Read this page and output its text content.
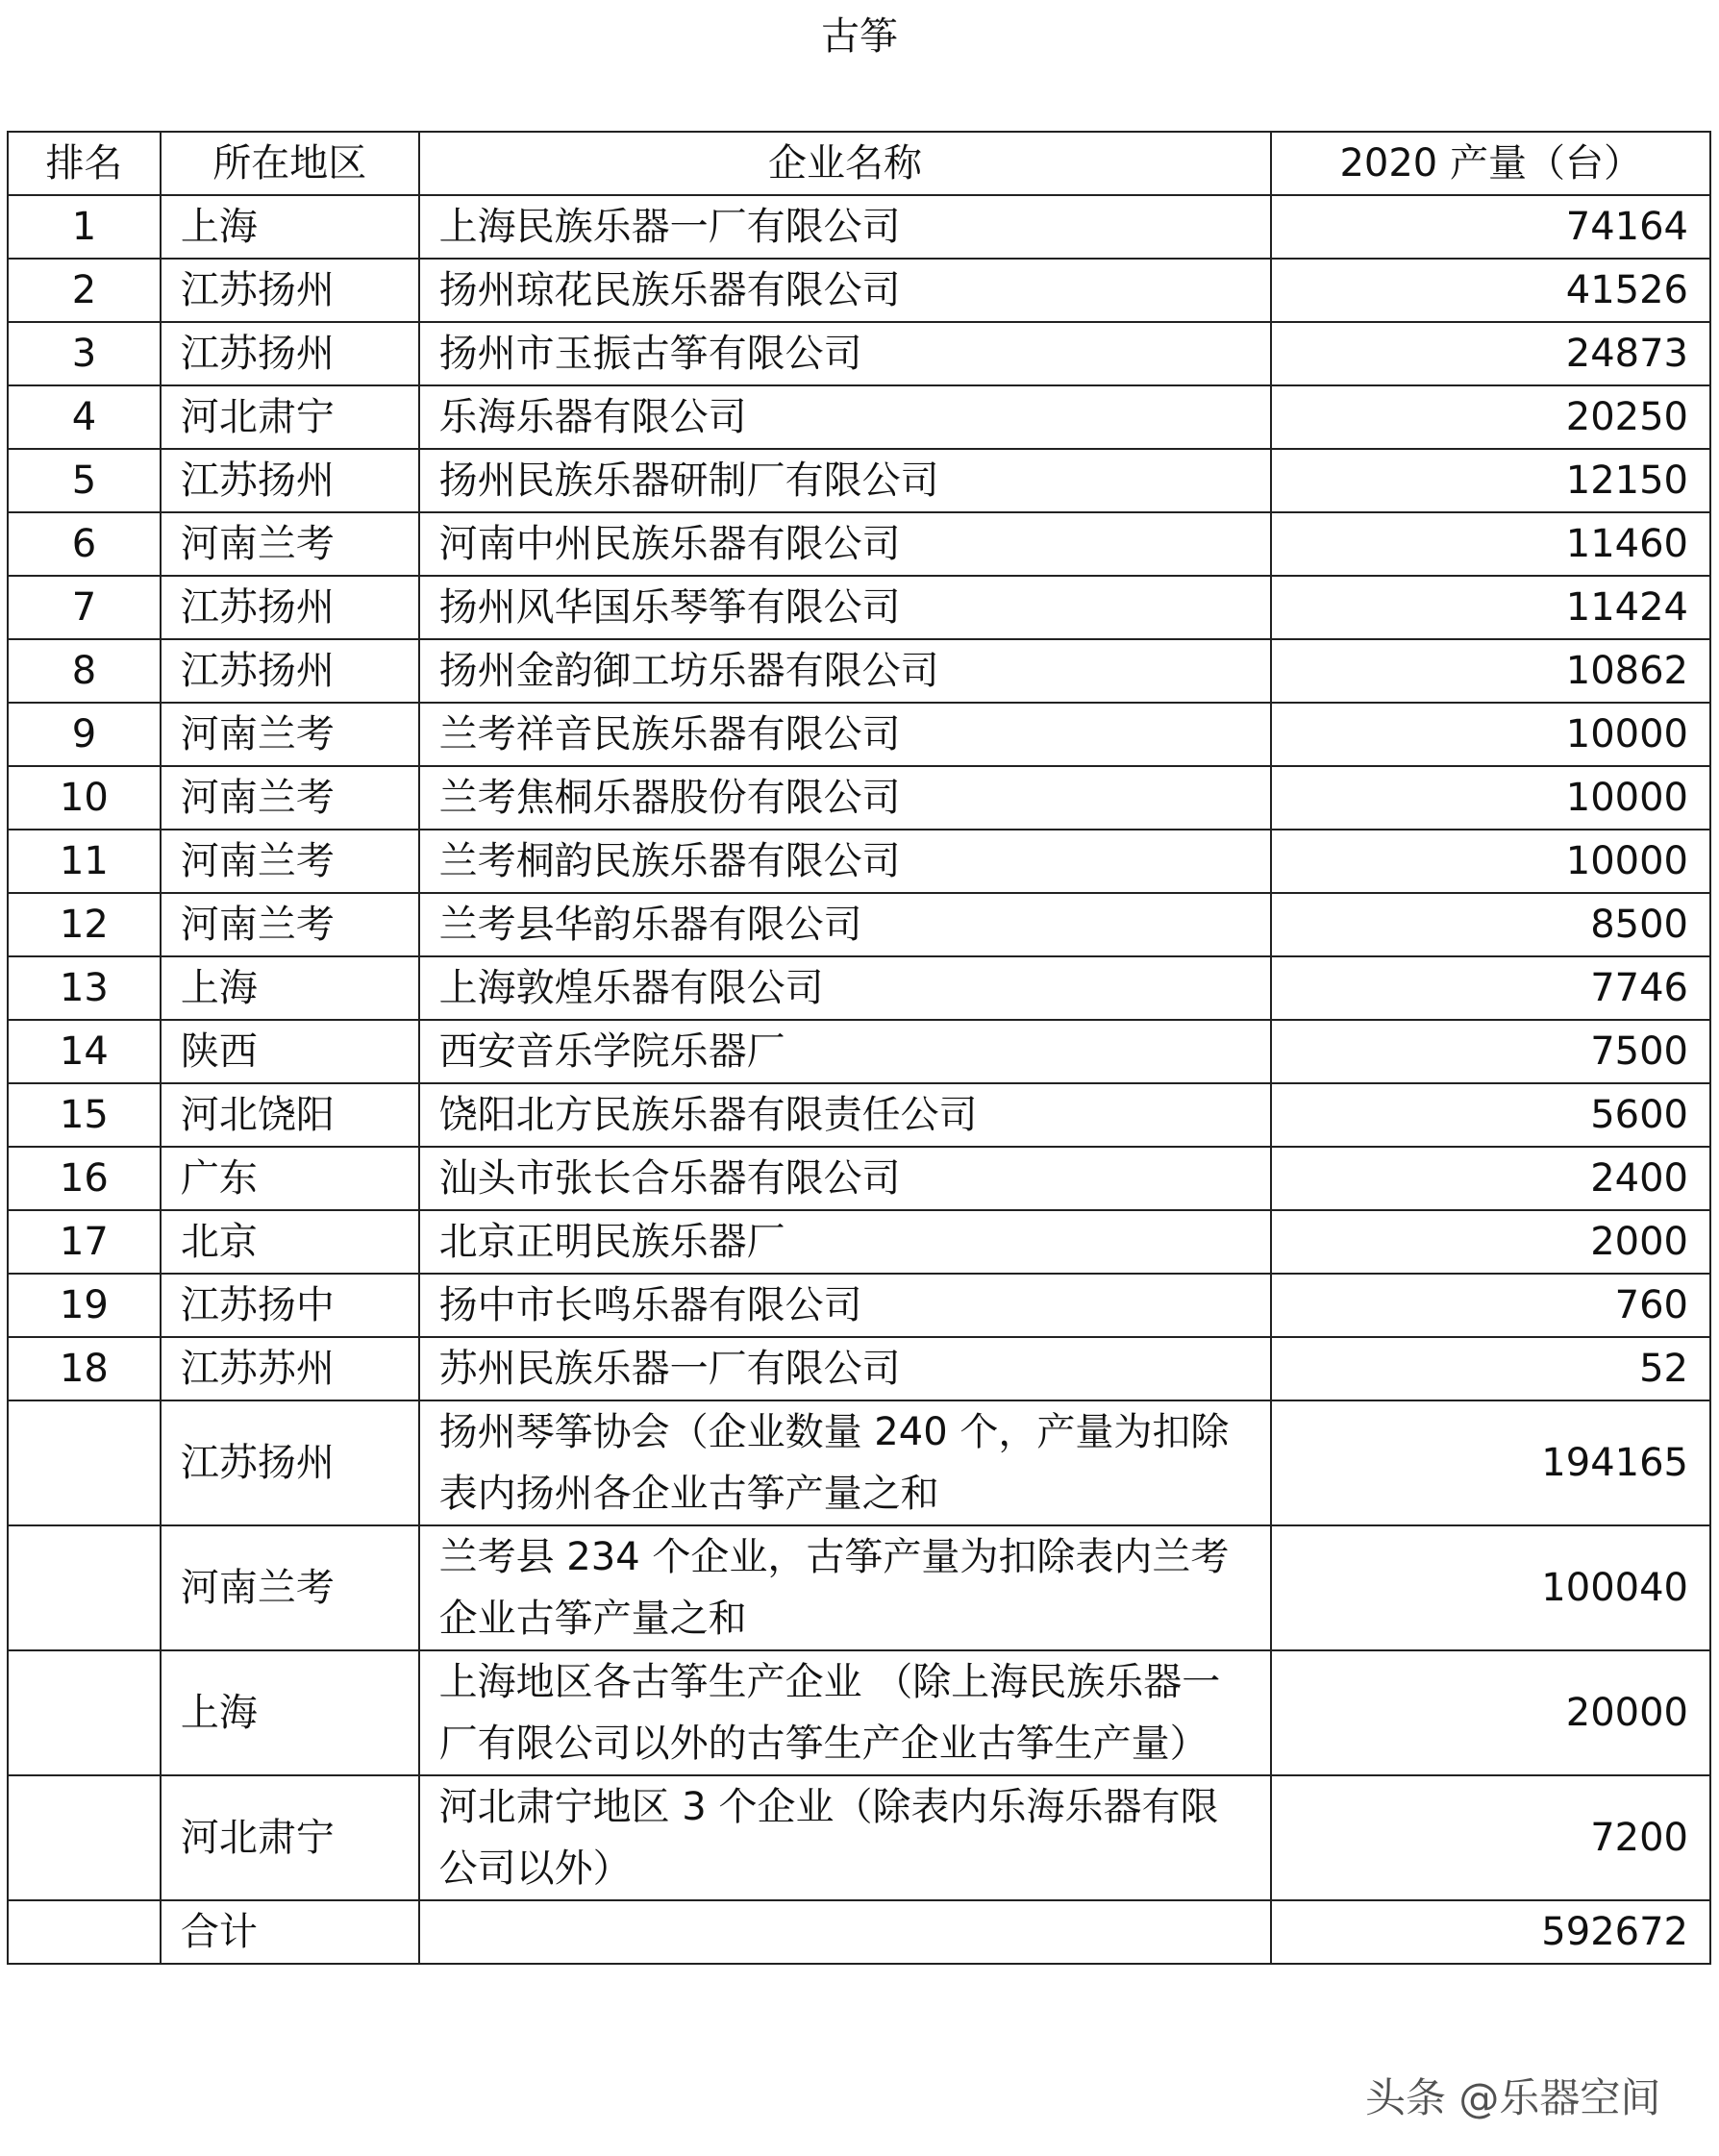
古筝
排名	所在地区	企业名称	2020 产量（台）
1	上海	上海民族乐器一厂有限公司	74164
2	江苏扬州	扬州琼花民族乐器有限公司	41526
3	江苏扬州	扬州市玉振古筝有限公司	24873
4	河北肃宁	乐海乐器有限公司	20250
5	江苏扬州	扬州民族乐器研制厂有限公司	12150
6	河南兰考	河南中州民族乐器有限公司	11460
7	江苏扬州	扬州风华国乐琴筝有限公司	11424
8	江苏扬州	扬州金韵御工坊乐器有限公司	10862
9	河南兰考	兰考祥音民族乐器有限公司	10000
10	河南兰考	兰考焦桐乐器股份有限公司	10000
11	河南兰考	兰考桐韵民族乐器有限公司	10000
12	河南兰考	兰考县华韵乐器有限公司	8500
13	上海	上海敦煌乐器有限公司	7746
14	陕西	西安音乐学院乐器厂	7500
15	河北饶阳	饶阳北方民族乐器有限责任公司	5600
16	广东	汕头市张长合乐器有限公司	2400
17	北京	北京正明民族乐器厂	2000
19	江苏扬中	扬中市长鸣乐器有限公司	760
18	江苏苏州	苏州民族乐器一厂有限公司	52
	江苏扬州	扬州琴筝协会（企业数量 240 个，产量为扣除表内扬州各企业古筝产量之和	194165
	河南兰考	兰考县 234 个企业，古筝产量为扣除表内兰考企业古筝产量之和	100040
	上海	上海地区各古筝生产企业 （除上海民族乐器一厂有限公司以外的古筝生产企业古筝生产量）	20000
	河北肃宁	河北肃宁地区 3 个企业（除表内乐海乐器有限公司以外）	7200
	合计		592672
头条 @乐器空间
